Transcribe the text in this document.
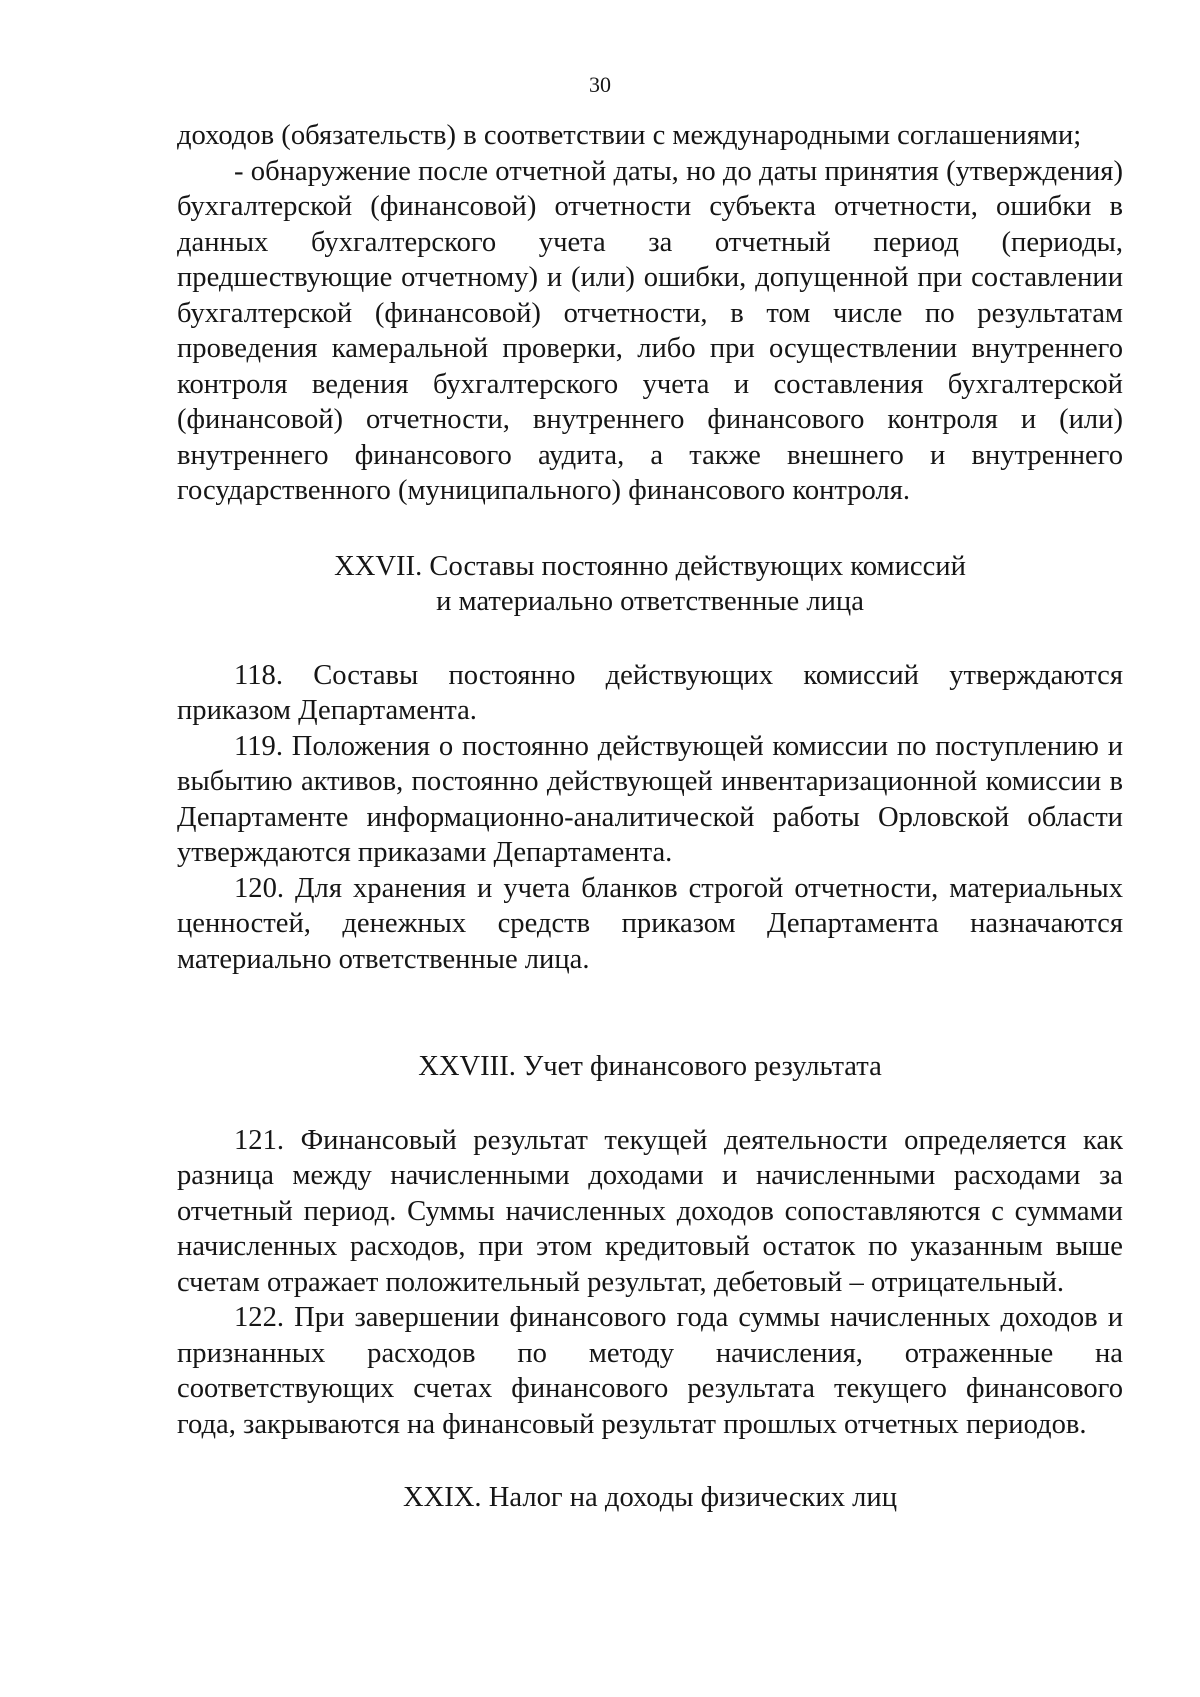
30

доходов (обязательств) в соответствии с международными соглашениями;

- обнаружение после отчетной даты, но до даты принятия (утверждения) бухгалтерской (финансовой) отчетности субъекта отчетности, ошибки в данных бухгалтерского учета за отчетный период (периоды, предшествующие отчетному) и (или) ошибки, допущенной при составлении бухгалтерской (финансовой) отчетности, в том числе по результатам проведения камеральной проверки, либо при осуществлении внутреннего контроля ведения бухгалтерского учета и составления бухгалтерской (финансовой) отчетности, внутреннего финансового контроля и (или) внутреннего финансового аудита, а также внешнего и внутреннего государственного (муниципального) финансового контроля.

XXVII. Составы постоянно действующих комиссий
и материально ответственные лица

118. Составы постоянно действующих комиссий утверждаются приказом Департамента.

119. Положения о постоянно действующей комиссии по поступлению и выбытию активов, постоянно действующей инвентаризационной комиссии в Департаменте информационно-аналитической работы Орловской области утверждаются приказами Департамента.

120. Для хранения и учета бланков строгой отчетности, материальных ценностей, денежных средств приказом Департамента назначаются материально ответственные лица.

XXVIII. Учет финансового результата

121. Финансовый результат текущей деятельности определяется как разница между начисленными доходами и начисленными расходами за отчетный период. Суммы начисленных доходов сопоставляются с суммами начисленных расходов, при этом кредитовый остаток по указанным выше счетам отражает положительный результат, дебетовый – отрицательный.

122. При завершении финансового года суммы начисленных доходов и признанных расходов по методу начисления, отраженные на соответствующих счетах финансового результата текущего финансового года, закрываются на финансовый результат прошлых отчетных периодов.

XXIX. Налог на доходы физических лиц
